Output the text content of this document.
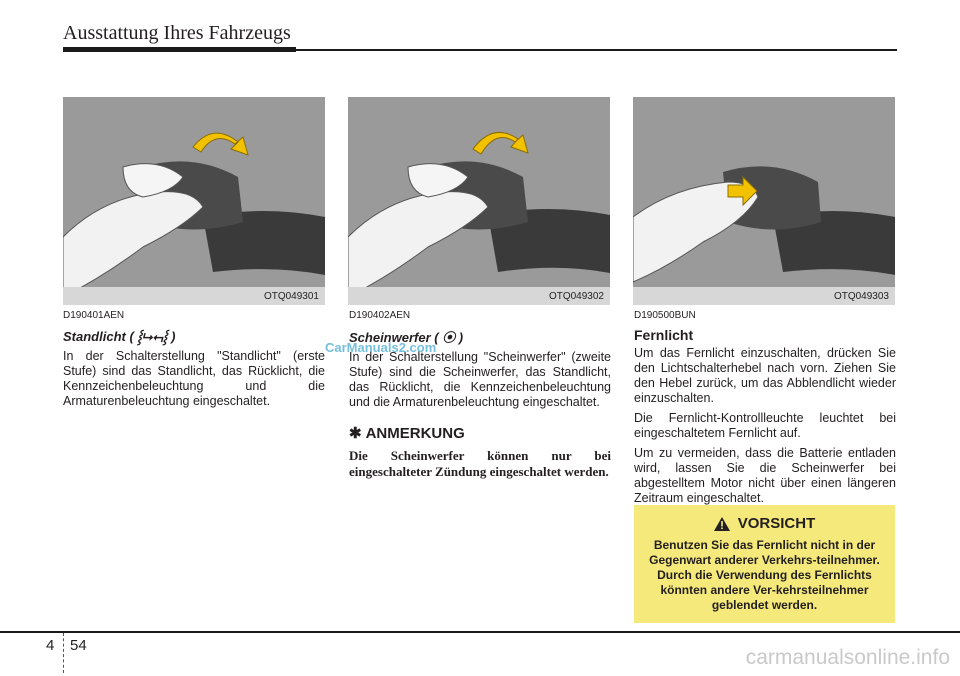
Ausstattung Ihres Fahrzeugs
OTQ049301	OTQ049302	OTQ049303
D190401AEN
Standlicht ( ⸾⮡⮢⸾ )

In der Schalterstellung "Standlicht" (erste Stufe) sind das Standlicht, das Rücklicht, die Kennzeichenbeleuchtung und die Armaturenbeleuchtung eingeschaltet.

D190402AEN
Scheinwerfer ( ⦿ )

In der Schalterstellung "Scheinwerfer" (zweite Stufe) sind die Scheinwerfer, das Standlicht, das Rücklicht, die Kennzeichenbeleuchtung und die Armaturenbeleuchtung eingeschaltet.

✱ ANMERKUNG

Die Scheinwerfer können nur bei eingeschalteter Zündung eingeschaltet werden.

D190500BUN
Fernlicht

Um das Fernlicht einzuschalten, drücken Sie den Lichtschalterhebel nach vorn. Ziehen Sie den Hebel zurück, um das Abblendlicht wieder einzuschalten.

Die Fernlicht-Kontrollleuchte leuchtet bei eingeschaltetem Fernlicht auf.

Um zu vermeiden, dass die Batterie entladen wird, lassen Sie die Scheinwerfer bei abgestelltem Motor nicht über einen längeren Zeitraum eingeschaltet.

VORSICHT

Benutzen Sie das Fernlicht nicht in der Gegenwart anderer Verkehrs-teilnehmer. Durch die Verwendung des Fernlichts könnten andere Ver-kehrsteilnehmer geblendet werden.

CarManuals2.com
4 54
carmanualsonline.info
